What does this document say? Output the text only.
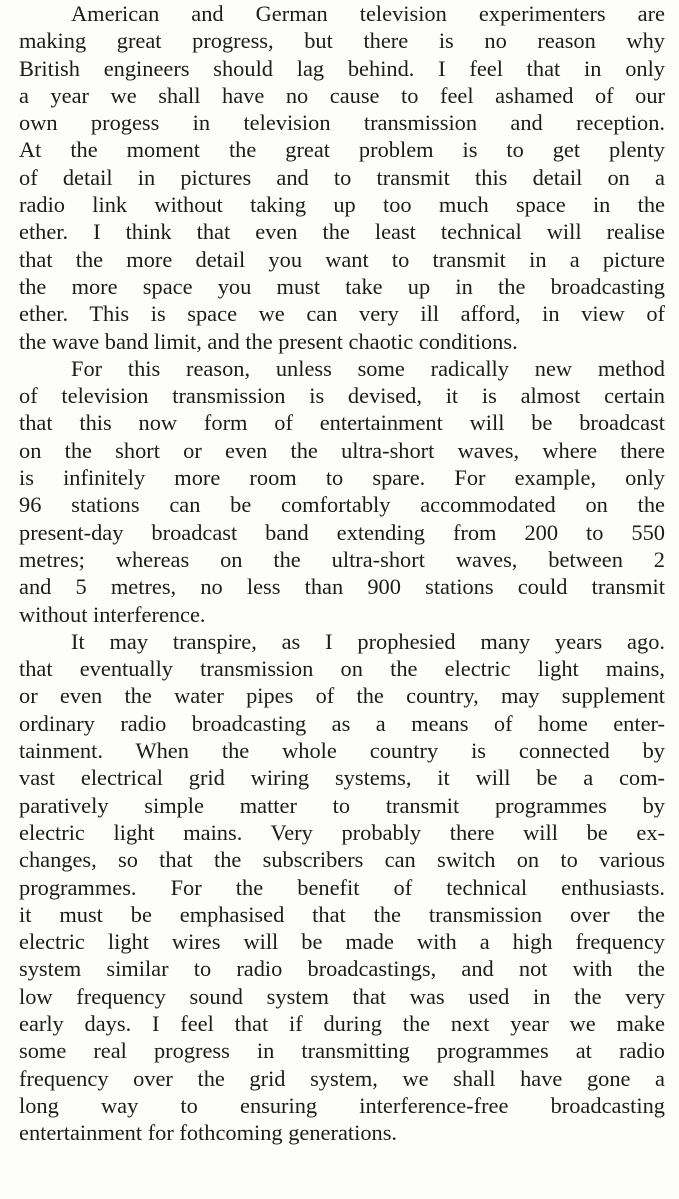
American and German television experimenters are
making great progress, but there is no reason why
British engineers should lag behind. I feel that in only
a year we shall have no cause to feel ashamed of our
own progess in television transmission and reception.
At the moment the great problem is to get plenty
of detail in pictures and to transmit this detail on a
radio link without taking up too much space in the
ether. I think that even the least technical will realise
that the more detail you want to transmit in a picture
the more space you must take up in the broadcasting
ether. This is space we can very ill afford, in view of
the wave band limit, and the present chaotic conditions.
For this reason, unless some radically new method
of television transmission is devised, it is almost certain
that this now form of entertainment will be broadcast
on the short or even the ultra-short waves, where there
is infinitely more room to spare. For example, only
96 stations can be comfortably accommodated on the
present-day broadcast band extending from 200 to 550
metres; whereas on the ultra-short waves, between 2
and 5 metres, no less than 900 stations could transmit
without interference.
It may transpire, as I prophesied many years ago.
that eventually transmission on the electric light mains,
or even the water pipes of the country, may supplement
ordinary radio broadcasting as a means of home enter-
tainment. When the whole country is connected by
vast electrical grid wiring systems, it will be a com-
paratively simple matter to transmit programmes by
electric light mains. Very probably there will be ex-
changes, so that the subscribers can switch on to various
programmes. For the benefit of technical enthusiasts.
it must be emphasised that the transmission over the
electric light wires will be made with a high frequency
system similar to radio broadcastings, and not with the
low frequency sound system that was used in the very
early days. I feel that if during the next year we make
some real progress in transmitting programmes at radio
frequency over the grid system, we shall have gone a
long way to ensuring interference-free broadcasting
entertainment for fothcoming generations.
